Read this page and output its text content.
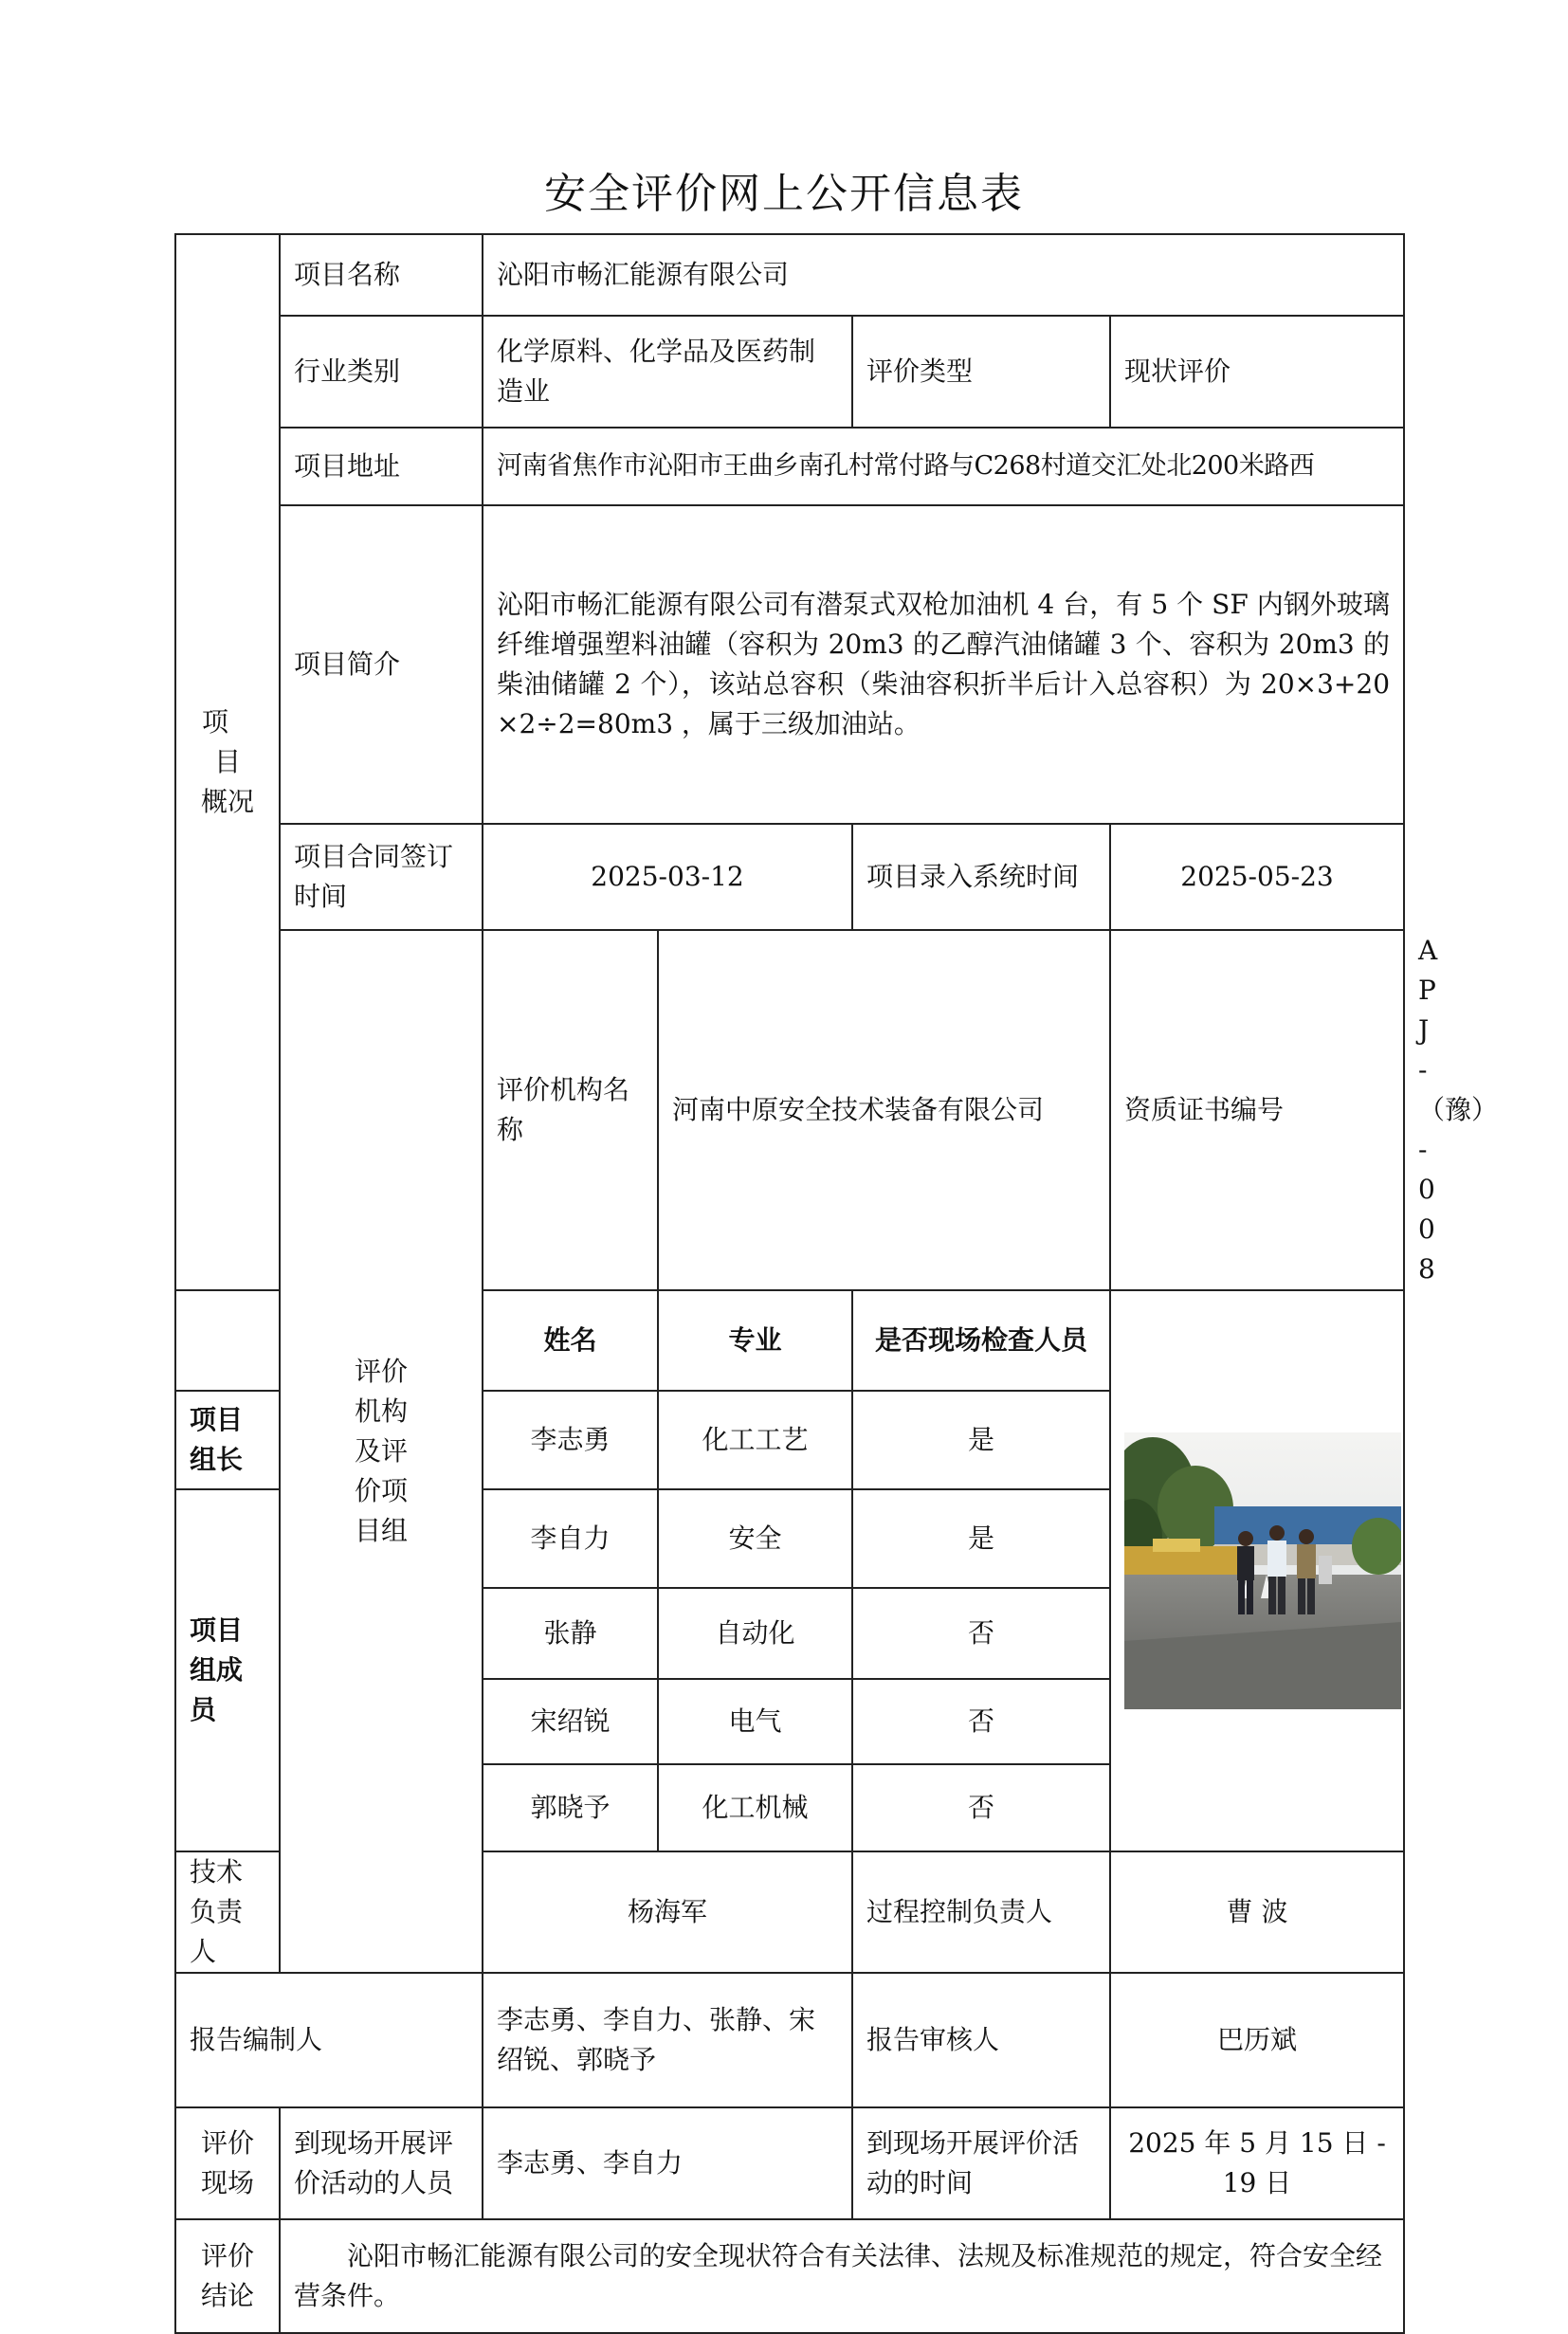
安全评价网上公开信息表
项目
概况	项目名称	沁阳市畅汇能源有限公司				
	行业类别	化学原料、化学品及医药制造业		评价类型	现状评价	
	项目地址	河南省焦作市沁阳市王曲乡南孔村常付路与C268村道交汇处北200米路西				
	项目简介	沁阳市畅汇能源有限公司有潜泵式双枪加油机 4 台，有 5 个 SF 内钢外玻璃纤维增强塑料油罐（容积为 20m3 的乙醇汽油储罐 3 个、容积为 20m3 的柴油储罐 2 个），该站总容积（柴油容积折半后计入总容积）为 20×3+20×2÷2=80m3 ，属于三级加油站。				
	项目合同签订时间	2025-03-12		项目录入系统时间	2025-05-23	
	评价
机构
及评
价项
目组	评价机构名称	河南中原安全技术装备有限公司		资质证书编号	APJ-（豫）-008
		姓名	专业	是否现场检查人员	
项目组长		李志勇	化工工艺	是		
项目组成员		李自力	安全	是		
		张静	自动化	否		
		宋绍锐	电气	否		
		郭晓予	化工机械	否		
技术负责人		杨海军		过程控制负责人	曹 波	
报告编制人		李志勇、李自力、张静、宋绍锐、郭晓予		报告审核人	巴历斌	
评价
现场	到现场开展评价活动的人员	李志勇、李自力		到现场开展评价活动的时间	2025 年 5 月 15 日 -19 日	
评价
结论	沁阳市畅汇能源有限公司的安全现状符合有关法律、法规及标准规范的规定，符合安全经营条件。					
